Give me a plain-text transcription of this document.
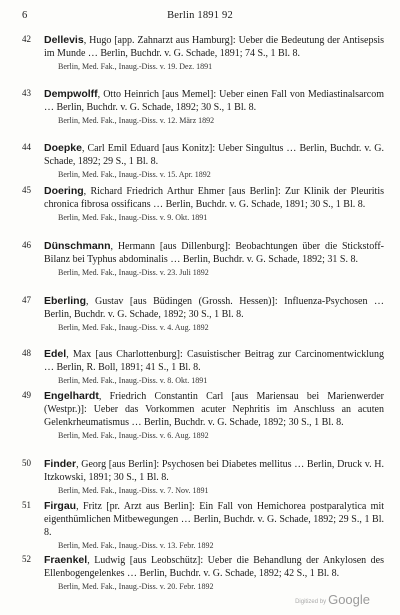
6	Berlin 1891 92
42	Dellevis, Hugo [app. Zahnarzt aus Hamburg]: Ueber die Bedeutung der Antisepsis im Munde … Berlin, Buchdr. v. G. Schade, 1891; 74 S., 1 Bl. 8.
Berlin, Med. Fak., Inaug.-Diss. v. 19. Dez. 1891
43	Dempwolff, Otto Heinrich [aus Memel]: Ueber einen Fall von Mediastinalsarcom … Berlin, Buchdr. v. G. Schade, 1892; 30 S., 1 Bl. 8.
Berlin, Med. Fak., Inaug.-Diss. v. 12. März 1892
44	Doepke, Carl Emil Eduard [aus Konitz]: Ueber Singultus … Berlin, Buchdr. v. G. Schade, 1892; 29 S., 1 Bl. 8.
Berlin, Med. Fak., Inaug.-Diss. v. 15. Apr. 1892
45	Doering, Richard Friedrich Arthur Ehmer [aus Berlin]: Zur Klinik der Pleuritis chronica fibrosa ossificans … Berlin, Buchdr. v. G. Schade, 1891; 30 S., 1 Bl. 8.
Berlin, Med. Fak., Inaug.-Diss. v. 9. Okt. 1891
46	Dünschmann, Hermann [aus Dillenburg]: Beobachtungen über die Stickstoff-Bilanz bei Typhus abdominalis … Berlin, Buchdr. v. G. Schade, 1892; 31 S. 8.
Berlin, Med. Fak., Inaug.-Diss. v. 23. Juli 1892
47	Eberling, Gustav [aus Büdingen (Grossh. Hessen)]: Influenza-Psychosen … Berlin, Buchdr. v. G. Schade, 1892; 30 S., 1 Bl. 8.
Berlin, Med. Fak., Inaug.-Diss. v. 4. Aug. 1892
48	Edel, Max [aus Charlottenburg]: Casuistischer Beitrag zur Carcinomentwicklung … Berlin, R. Boll, 1891; 41 S., 1 Bl. 8.
Berlin, Med. Fak., Inaug.-Diss. v. 8. Okt. 1891
49	Engelhardt, Friedrich Constantin Carl [aus Mariensau bei Marienwerder (Westpr.)]: Ueber das Vorkommen acuter Nephritis im Anschluss an acuten Gelenkrheumatismus … Berlin, Buchdr. v. G. Schade, 1892; 30 S., 1 Bl. 8.
Berlin, Med. Fak., Inaug.-Diss. v. 6. Aug. 1892
50	Finder, Georg [aus Berlin]: Psychosen bei Diabetes mellitus … Berlin, Druck v. H. Itzkowski, 1891; 30 S., 1 Bl. 8.
Berlin, Med. Fak., Inaug.-Diss. v. 7. Nov. 1891
51	Firgau, Fritz [pr. Arzt aus Berlin]: Ein Fall von Hemichorea postparalytica mit eigenthümlichen Mitbewegungen … Berlin, Buchdr. v. G. Schade, 1892; 29 S., 1 Bl. 8.
Berlin, Med. Fak., Inaug.-Diss. v. 13. Febr. 1892
52	Fraenkel, Ludwig [aus Leobschütz]: Ueber die Behandlung der Ankylosen des Ellenbogengelenkes … Berlin, Buchdr. v. G. Schade, 1892; 42 S., 1 Bl. 8.
Berlin, Med. Fak., Inaug.-Diss. v. 20. Febr. 1892
Digitized by Google
